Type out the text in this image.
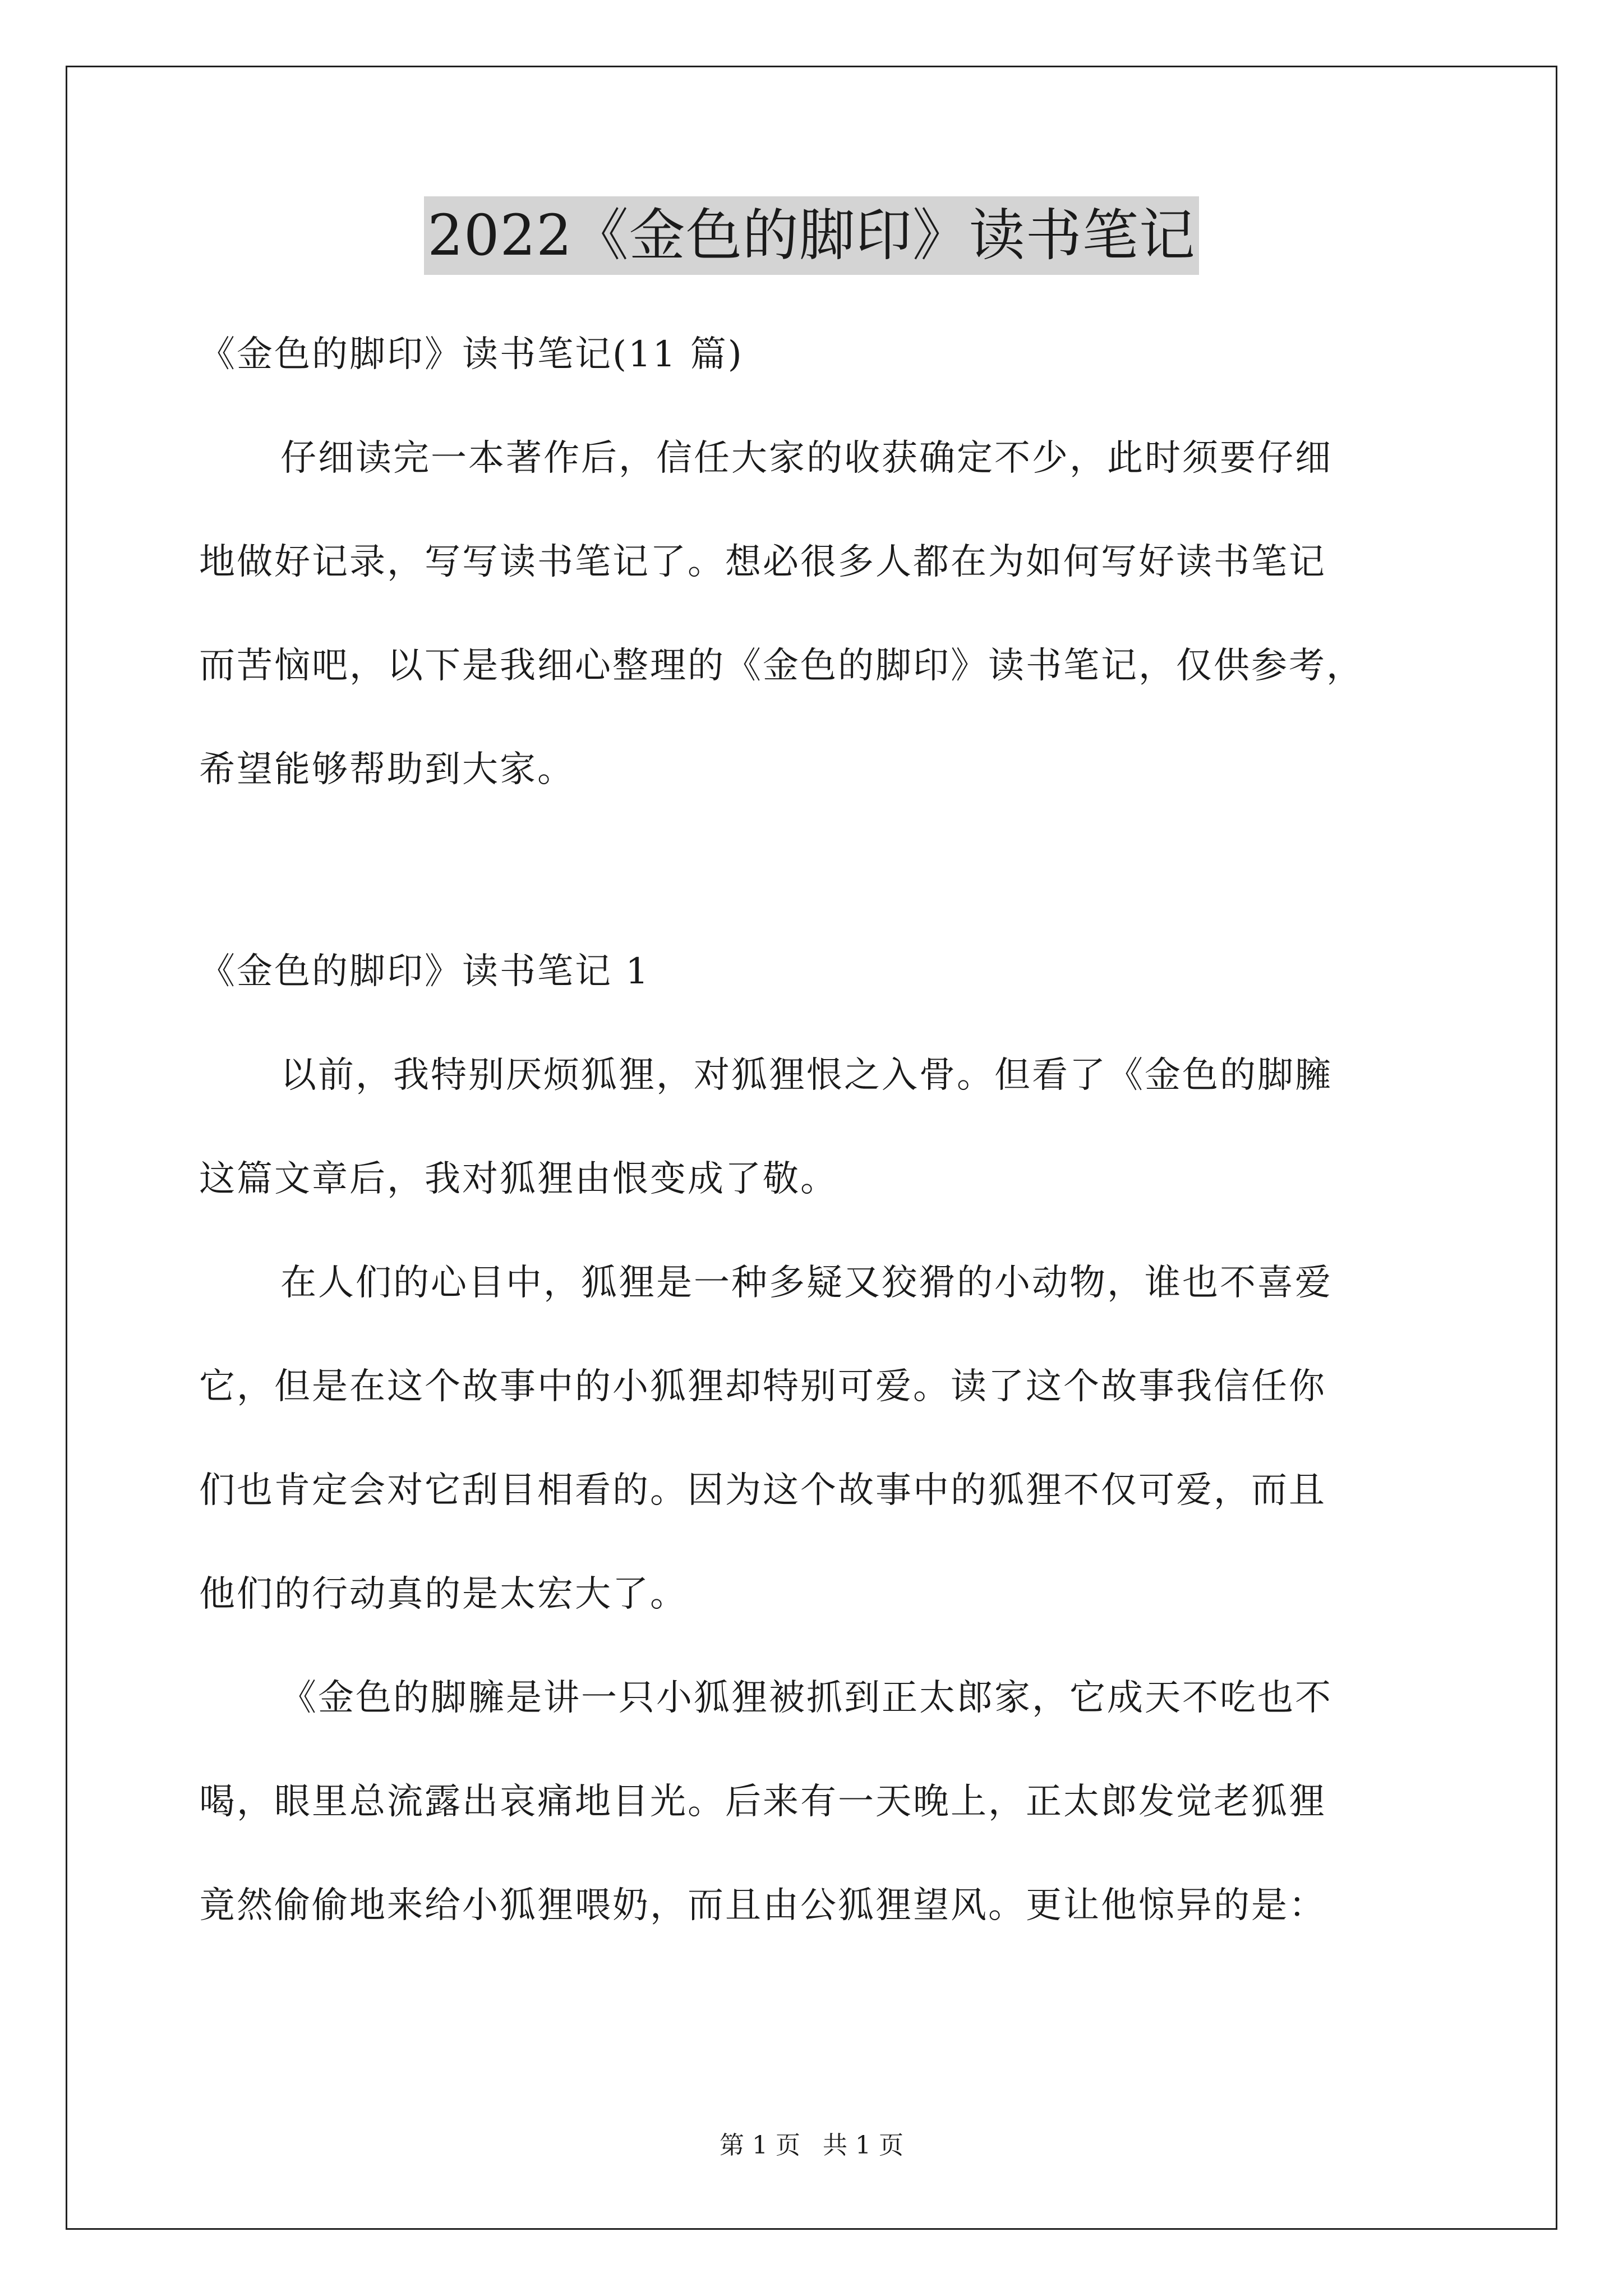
2022《金色的脚印》读书笔记
《金色的脚印》读书笔记(11 篇)
仔细读完一本著作后，信任大家的收获确定不少，此时须要仔细
地做好记录，写写读书笔记了。想必很多人都在为如何写好读书笔记
而苦恼吧，以下是我细心整理的《金色的脚印》读书笔记，仅供参考，
希望能够帮助到大家。
《金色的脚印》读书笔记 1
以前，我特别厌烦狐狸，对狐狸恨之入骨。但看了《金色的脚臃
这篇文章后，我对狐狸由恨变成了敬。
在人们的心目中，狐狸是一种多疑又狡猾的小动物，谁也不喜爱
它，但是在这个故事中的小狐狸却特别可爱。读了这个故事我信任你
们也肯定会对它刮目相看的。因为这个故事中的狐狸不仅可爱，而且
他们的行动真的是太宏大了。
《金色的脚臃是讲一只小狐狸被抓到正太郎家，它成天不吃也不
喝，眼里总流露出哀痛地目光。后来有一天晚上，正太郎发觉老狐狸
竟然偷偷地来给小狐狸喂奶，而且由公狐狸望风。更让他惊异的是：
第 1 页 共 1 页
